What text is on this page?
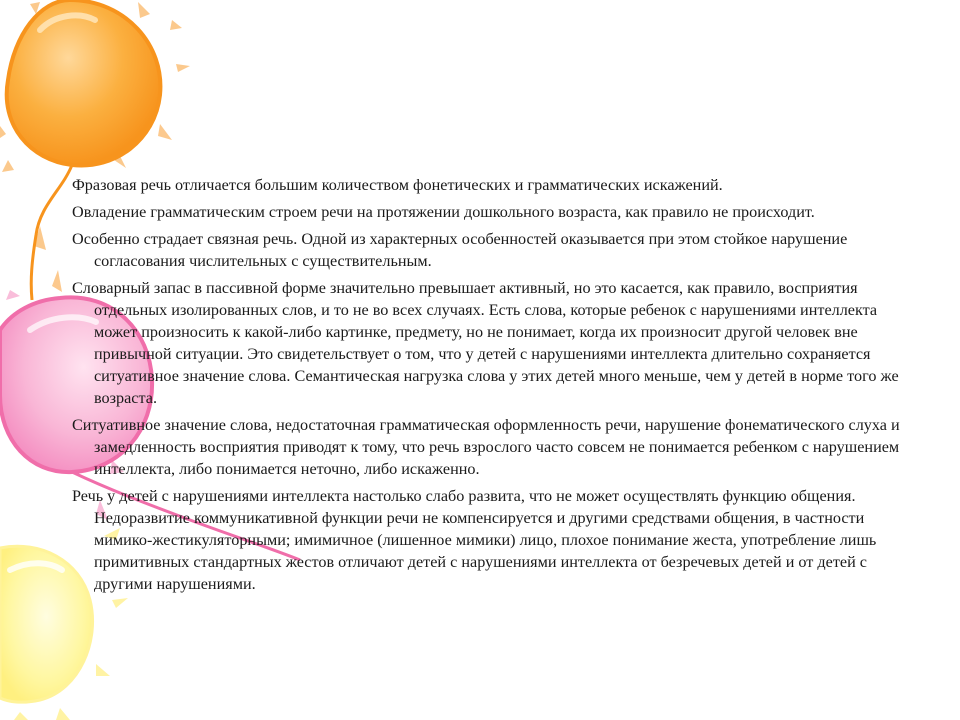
Фразовая речь отличается большим количеством фонетических и грамматических искажений.

Овладение грамматическим строем речи на протяжении дошкольного возраста, как правило не происходит.

Особенно страдает связная речь. Одной из характерных особенностей оказывается при этом стойкое нарушение согласования числительных с существительным.

Словарный запас в пассивной форме значительно превышает активный, но это касается, как правило, восприятия отдельных изолированных слов, и то не во всех случаях. Есть слова, которые ребенок с нарушениями интеллекта может произносить к какой-либо картинке, предмету, но не понимает, когда их произносит другой человек вне привычной ситуации. Это свидетельствует о том, что у детей с нарушениями интеллекта длительно сохраняется ситуативное значение слова. Семантическая нагрузка слова у этих детей много меньше, чем у детей в норме того же возраста.

Ситуативное значение слова, недостаточная грамматическая оформленность речи, нарушение фонематического слуха и замедленность восприятия приводят к тому, что речь взрослого часто совсем не понимается ребенком с нарушением интеллекта, либо понимается неточно, либо искаженно.

Речь у детей с нарушениями интеллекта настолько слабо развита, что не может осуществлять функцию общения. Недоразвитие коммуникативной функции речи не компенсируется и другими средствами общения, в частности мимико-жестикуляторными; имимичное (лишенное мимики) лицо, плохое понимание жеста, употребление лишь примитивных стандартных жестов отличают детей с нарушениями интеллекта от безречевых детей и от детей с другими нарушениями.
